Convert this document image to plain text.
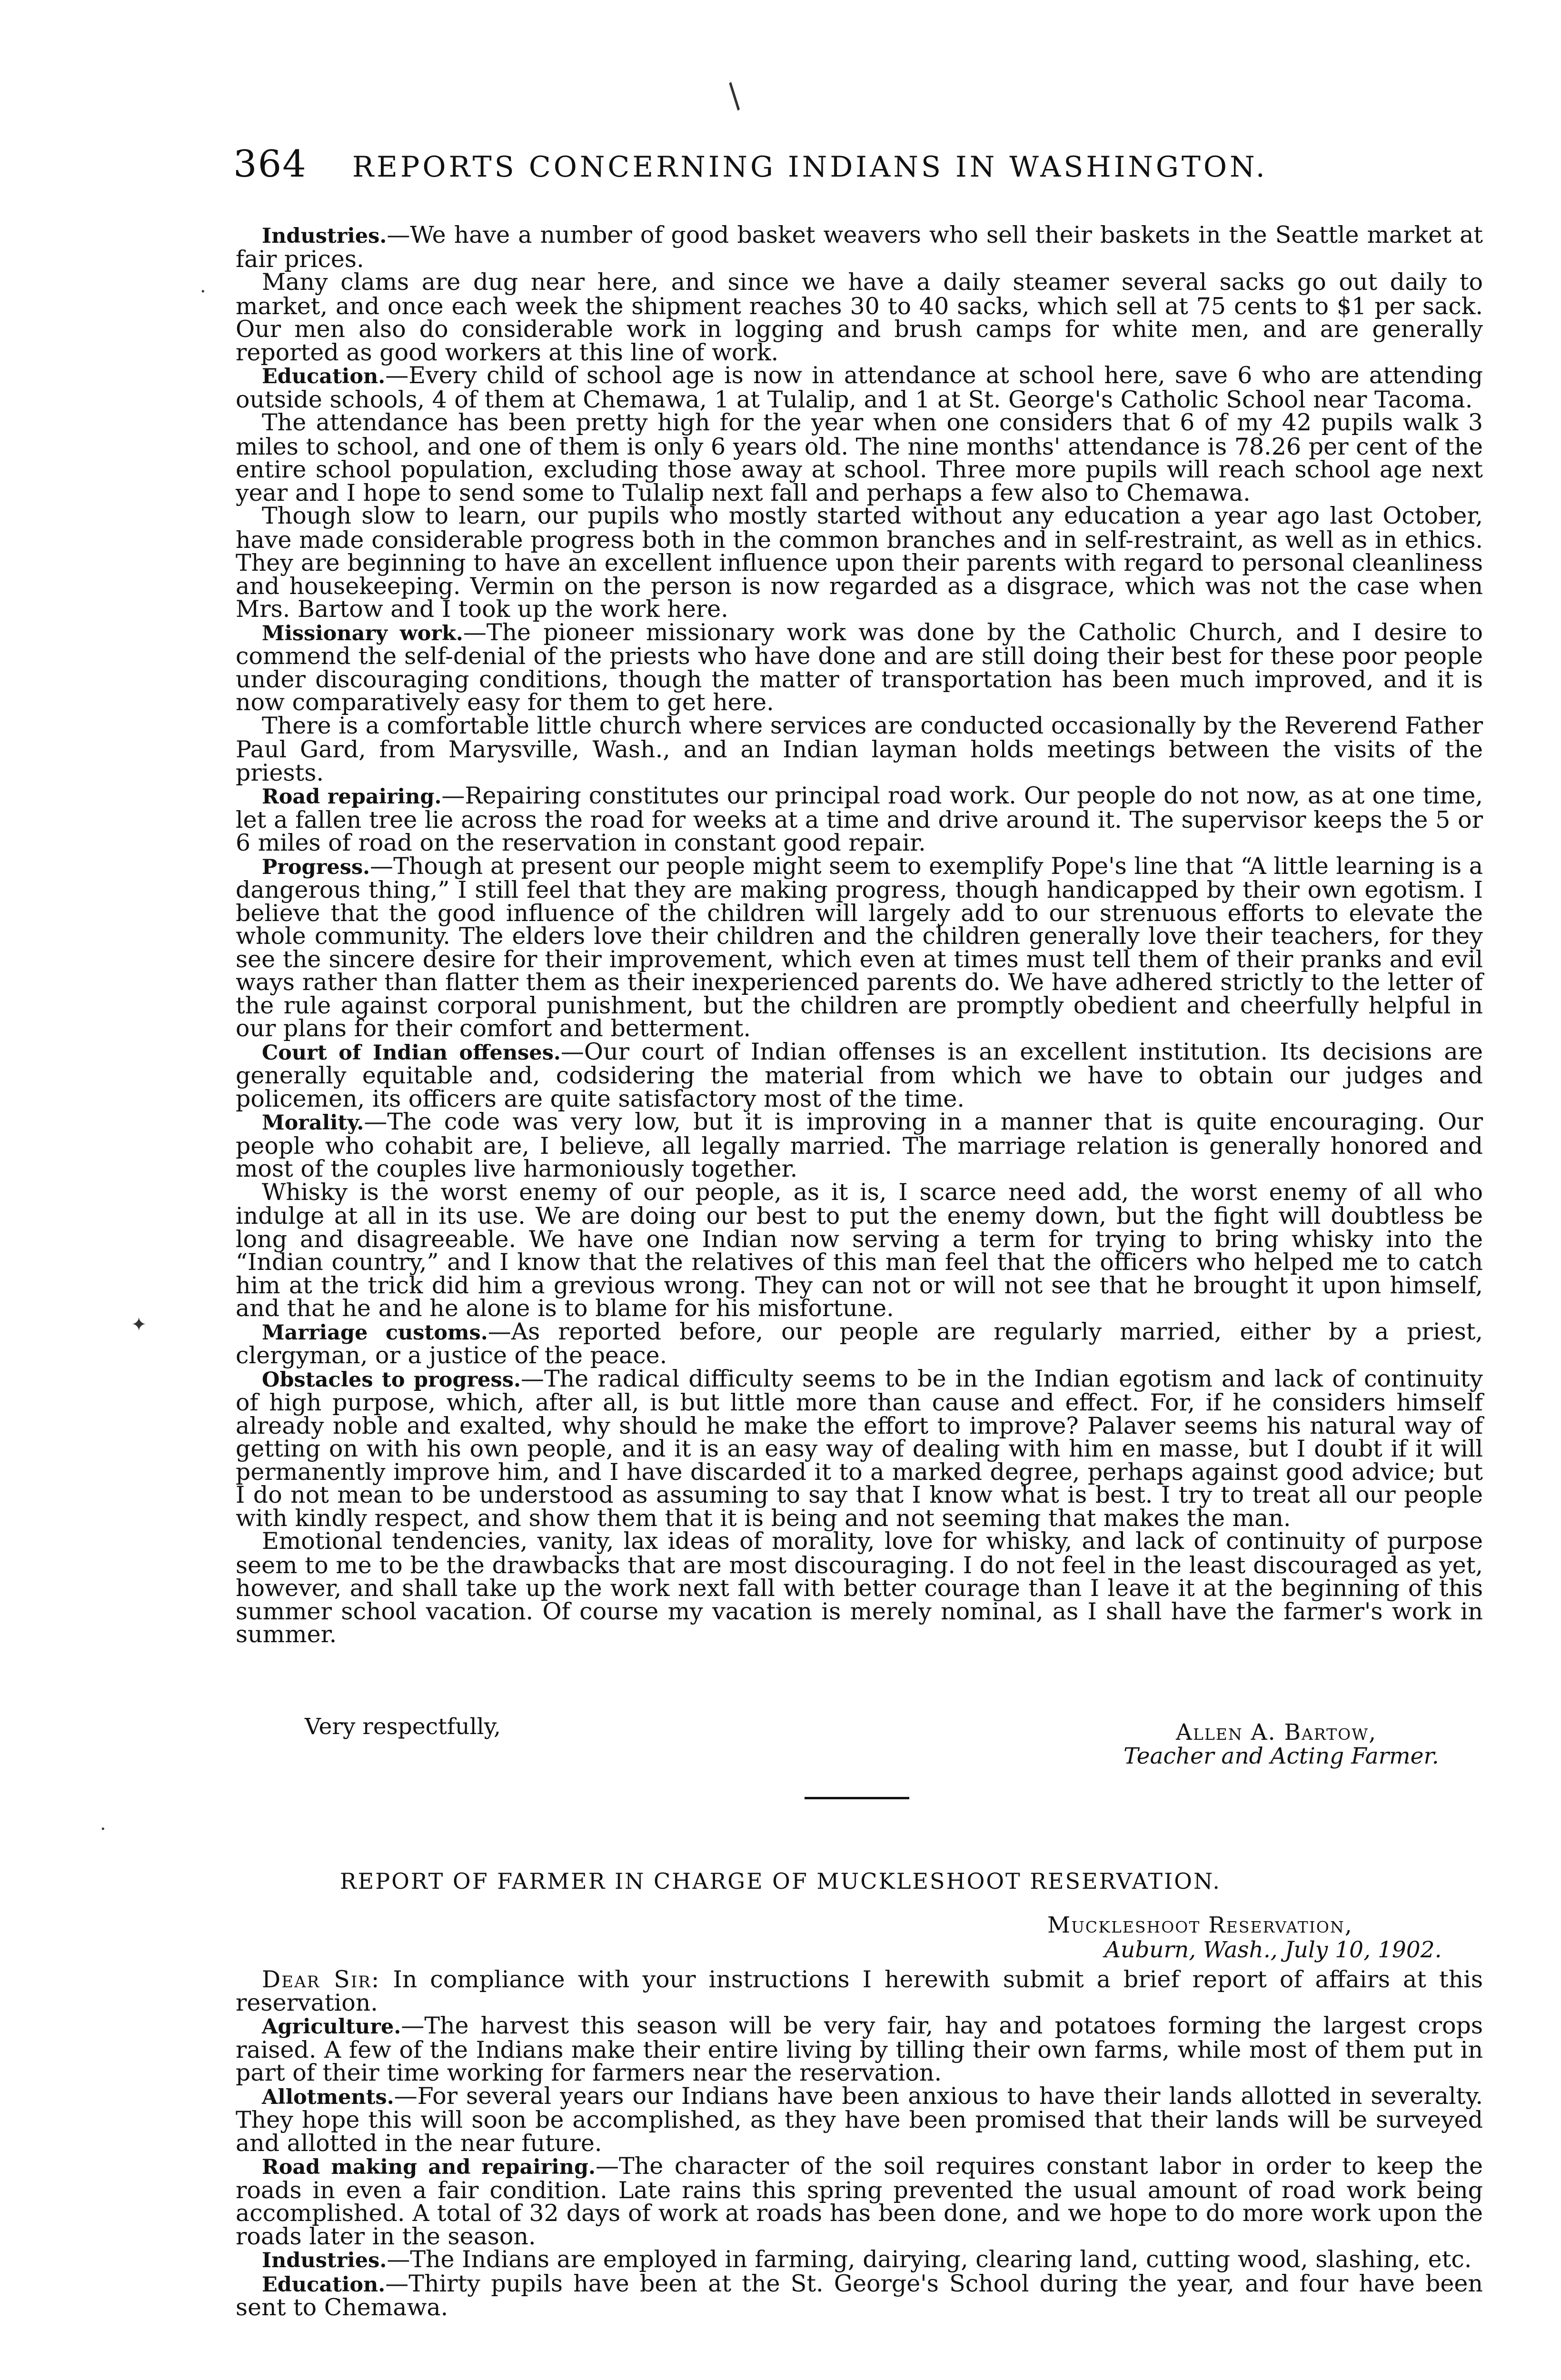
364 REPORTS CONCERNING INDIANS IN WASHINGTON.

Industries.—We have a number of good basket weavers who sell their baskets in the Seattle market at fair prices.

Many clams are dug near here, and since we have a daily steamer several sacks go out daily to market, and once each week the shipment reaches 30 to 40 sacks, which sell at 75 cents to $1 per sack. Our men also do considerable work in logging and brush camps for white men, and are generally reported as good workers at this line of work.

Education.—Every child of school age is now in attendance at school here, save 6 who are attending outside schools, 4 of them at Chemawa, 1 at Tulalip, and 1 at St. George's Catholic School near Tacoma.

The attendance has been pretty high for the year when one considers that 6 of my 42 pupils walk 3 miles to school, and one of them is only 6 years old. The nine months' attendance is 78.26 per cent of the entire school population, excluding those away at school. Three more pupils will reach school age next year and I hope to send some to Tulalip next fall and perhaps a few also to Chemawa.

Though slow to learn, our pupils who mostly started without any education a year ago last October, have made considerable progress both in the common branches and in self-restraint, as well as in ethics. They are beginning to have an excellent influence upon their parents with regard to personal cleanliness and housekeeping. Vermin on the person is now regarded as a disgrace, which was not the case when Mrs. Bartow and I took up the work here.

Missionary work.—The pioneer missionary work was done by the Catholic Church, and I desire to commend the self-denial of the priests who have done and are still doing their best for these poor people under discouraging conditions, though the matter of transportation has been much improved, and it is now comparatively easy for them to get here.

There is a comfortable little church where services are conducted occasionally by the Reverend Father Paul Gard, from Marysville, Wash., and an Indian layman holds meetings between the visits of the priests.

Road repairing.—Repairing constitutes our principal road work. Our people do not now, as at one time, let a fallen tree lie across the road for weeks at a time and drive around it. The supervisor keeps the 5 or 6 miles of road on the reservation in constant good repair.

Progress.—Though at present our people might seem to exemplify Pope's line that “A little learning is a dangerous thing,” I still feel that they are making progress, though handicapped by their own egotism. I believe that the good influence of the children will largely add to our strenuous efforts to elevate the whole community. The elders love their children and the children generally love their teachers, for they see the sincere desire for their improvement, which even at times must tell them of their pranks and evil ways rather than flatter them as their inexperienced parents do. We have adhered strictly to the letter of the rule against corporal punishment, but the children are promptly obedient and cheerfully helpful in our plans for their comfort and betterment.

Court of Indian offenses.—Our court of Indian offenses is an excellent institution. Its decisions are generally equitable and, codsidering the material from which we have to obtain our judges and policemen, its officers are quite satisfactory most of the time.

Morality.—The code was very low, but it is improving in a manner that is quite encouraging. Our people who cohabit are, I believe, all legally married. The marriage relation is generally honored and most of the couples live harmoniously together.

Whisky is the worst enemy of our people, as it is, I scarce need add, the worst enemy of all who indulge at all in its use. We are doing our best to put the enemy down, but the fight will doubtless be long and disagreeable. We have one Indian now serving a term for trying to bring whisky into the “Indian country,” and I know that the relatives of this man feel that the officers who helped me to catch him at the trick did him a grevious wrong. They can not or will not see that he brought it upon himself, and that he and he alone is to blame for his misfortune.

Marriage customs.—As reported before, our people are regularly married, either by a priest, clergyman, or a justice of the peace.

Obstacles to progress.—The radical difficulty seems to be in the Indian egotism and lack of continuity of high purpose, which, after all, is but little more than cause and effect. For, if he considers himself already noble and exalted, why should he make the effort to improve? Palaver seems his natural way of getting on with his own people, and it is an easy way of dealing with him en masse, but I doubt if it will permanently improve him, and I have discarded it to a marked degree, perhaps against good advice; but I do not mean to be understood as assuming to say that I know what is best. I try to treat all our people with kindly respect, and show them that it is being and not seeming that makes the man.

Emotional tendencies, vanity, lax ideas of morality, love for whisky, and lack of continuity of purpose seem to me to be the drawbacks that are most discouraging. I do not feel in the least discouraged as yet, however, and shall take up the work next fall with better courage than I leave it at the beginning of this summer school vacation. Of course my vacation is merely nominal, as I shall have the farmer's work in summer.

Very respectfully,	Allen A. Bartow,
Teacher and Acting Farmer.
REPORT OF FARMER IN CHARGE OF MUCKLESHOOT RESERVATION.
Muckleshoot Reservation,
Auburn, Wash., July 10, 1902.

Dear Sir: In compliance with your instructions I herewith submit a brief report of affairs at this reservation.

Agriculture.—The harvest this season will be very fair, hay and potatoes forming the largest crops raised. A few of the Indians make their entire living by tilling their own farms, while most of them put in part of their time working for farmers near the reservation.

Allotments.—For several years our Indians have been anxious to have their lands allotted in severalty. They hope this will soon be accomplished, as they have been promised that their lands will be surveyed and allotted in the near future.

Road making and repairing.—The character of the soil requires constant labor in order to keep the roads in even a fair condition. Late rains this spring prevented the usual amount of road work being accomplished. A total of 32 days of work at roads has been done, and we hope to do more work upon the roads later in the season.

Industries.—The Indians are employed in farming, dairying, clearing land, cutting wood, slashing, etc.

Education.—Thirty pupils have been at the St. George's School during the year, and four have been sent to Chemawa.

/
·
✦
·
